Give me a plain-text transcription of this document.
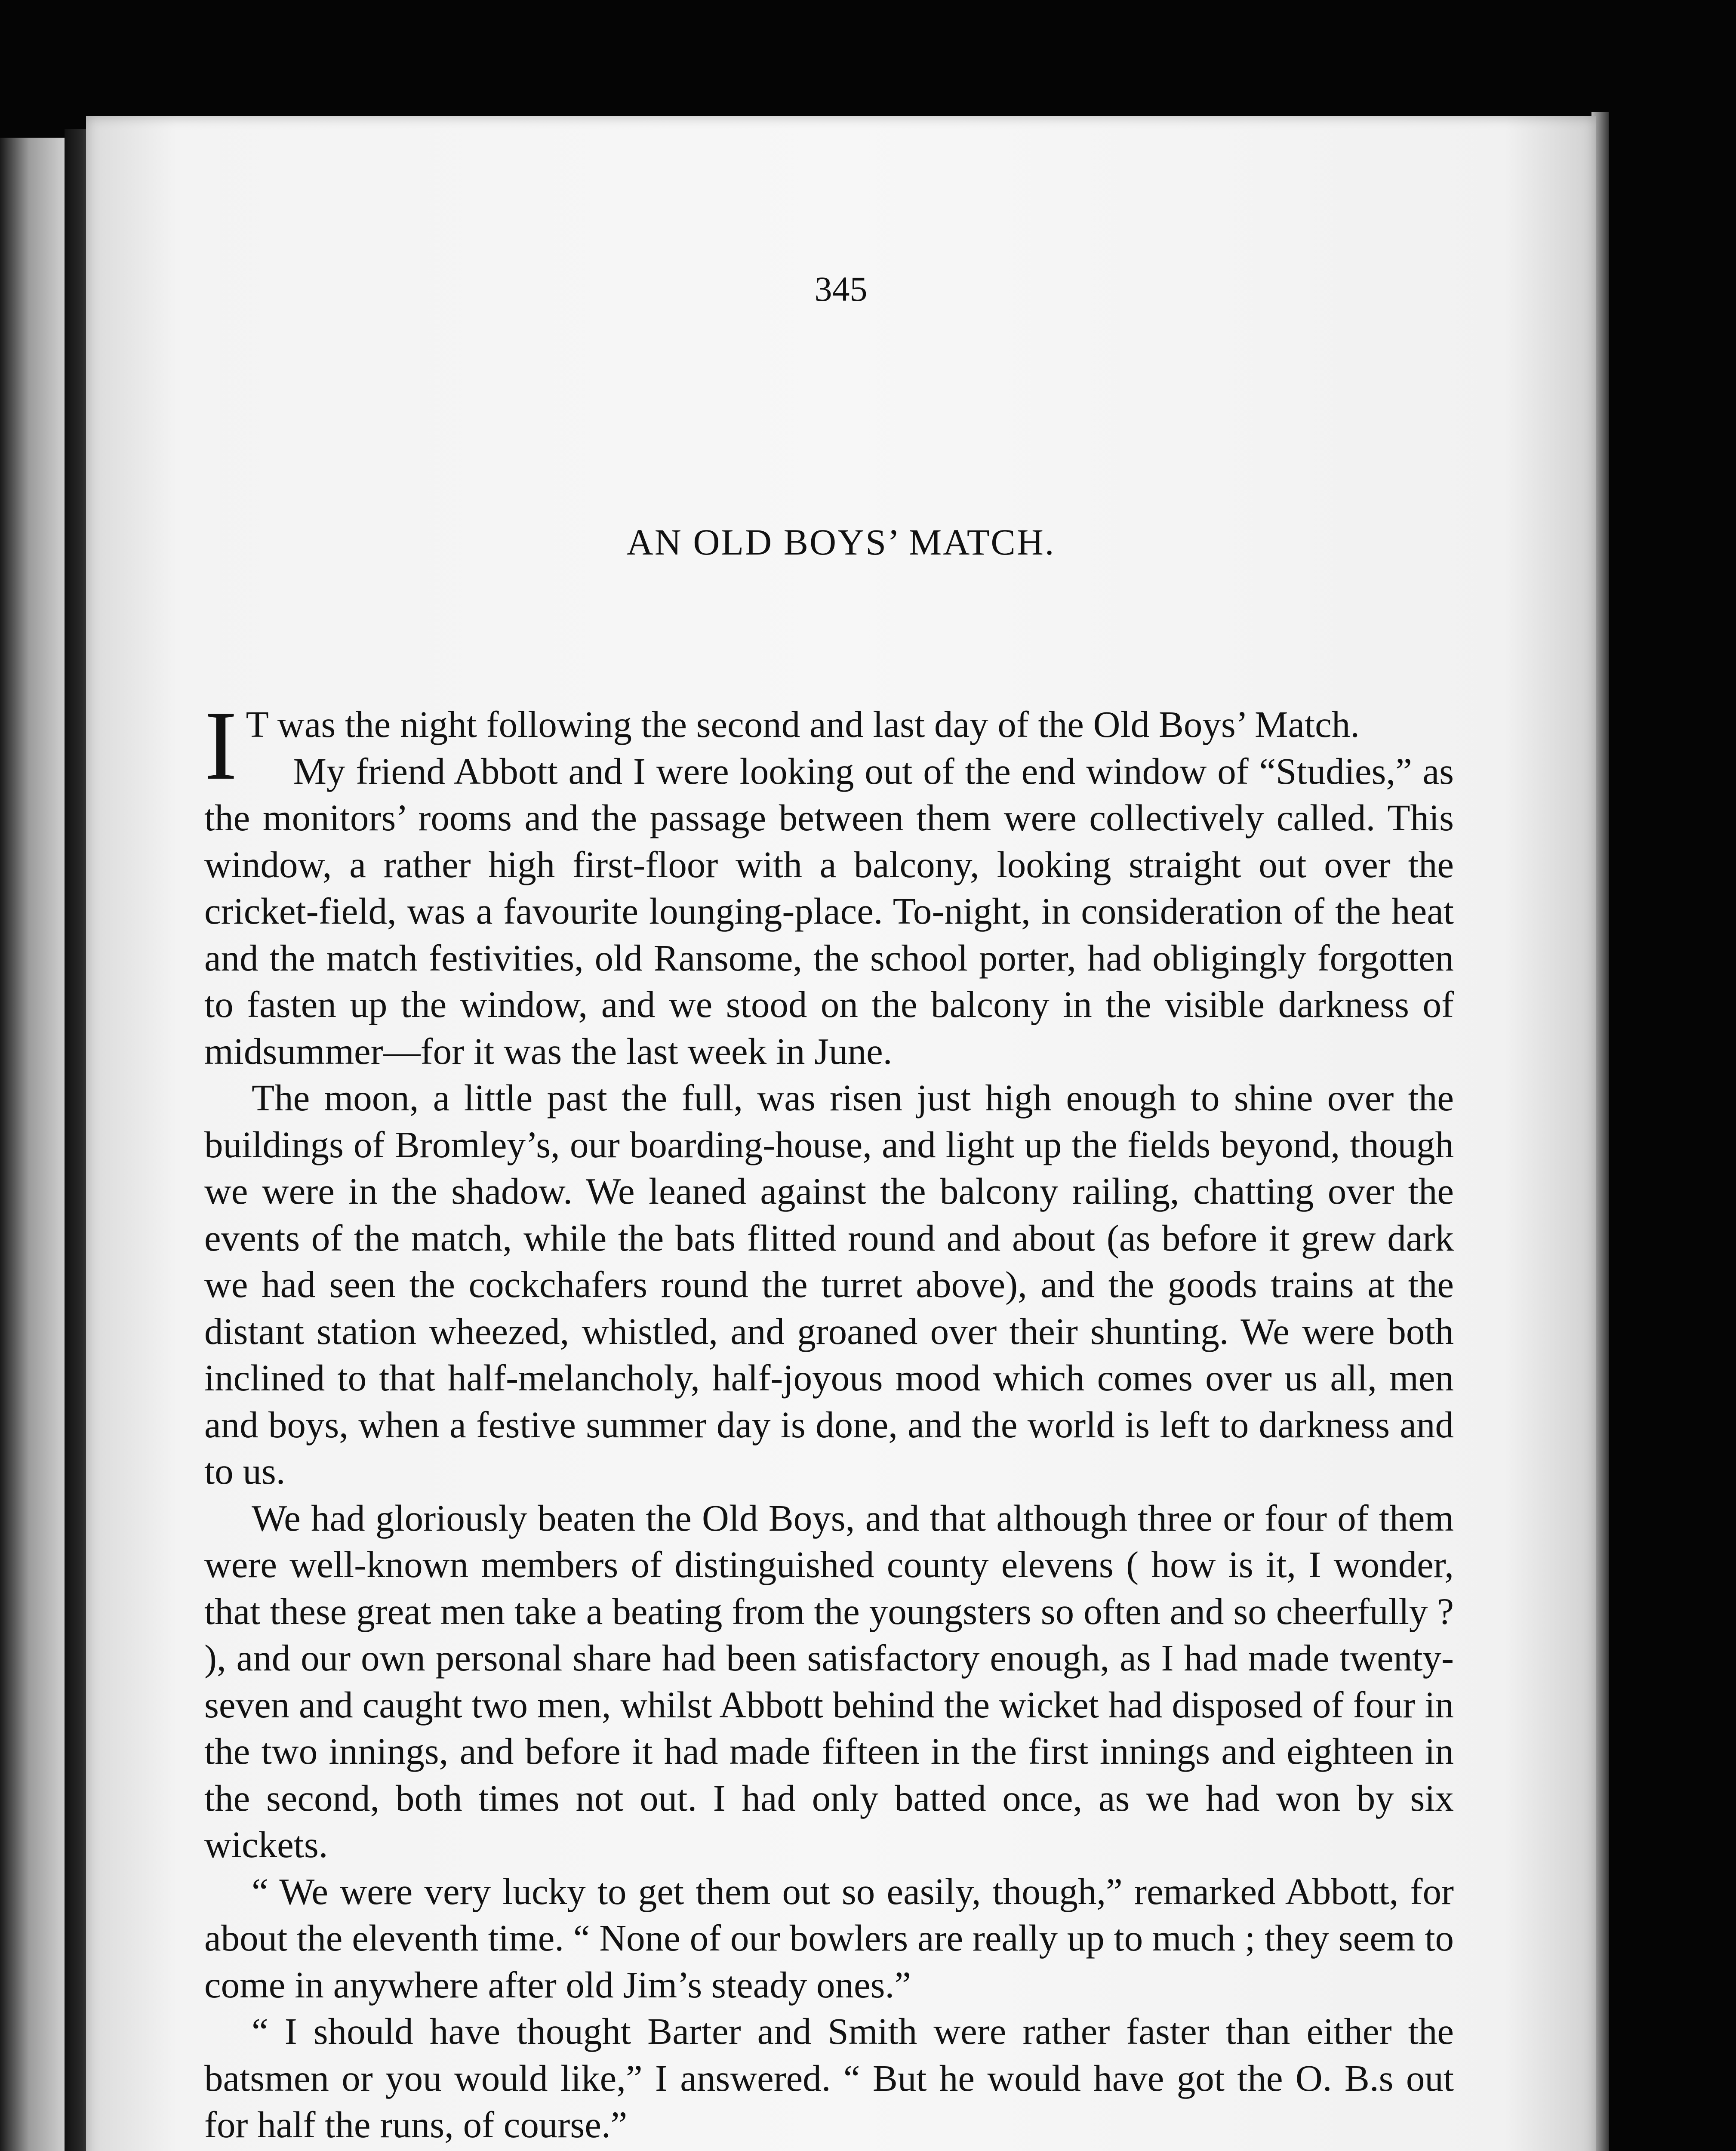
345
AN OLD BOYS’ MATCH.

I T was the night following the second and last day of the Old Boys’ Match.

My friend Abbott and I were looking out of the end window of “Studies,” as the monitors’ rooms and the passage between them were collectively called. This window, a rather high first-floor with a balcony, looking straight out over the cricket-field, was a favourite lounging-place. To-night, in consideration of the heat and the match festivities, old Ransome, the school porter, had obligingly forgotten to fasten up the window, and we stood on the balcony in the visible darkness of midsummer—for it was the last week in June.

The moon, a little past the full, was risen just high enough to shine over the buildings of Bromley’s, our boarding-house, and light up the fields beyond, though we were in the shadow. We leaned against the balcony railing, chatting over the events of the match, while the bats flitted round and about (as before it grew dark we had seen the cockchafers round the turret above), and the goods trains at the distant station wheezed, whistled, and groaned over their shunting. We were both inclined to that half-melancholy, half-joyous mood which comes over us all, men and boys, when a festive summer day is done, and the world is left to darkness and to us.

We had gloriously beaten the Old Boys, and that although three or four of them were well-known members of distinguished county elevens ( how is it, I wonder, that these great men take a beating from the youngsters so often and so cheerfully ? ), and our own personal share had been satisfactory enough, as I had made twenty-seven and caught two men, whilst Abbott behind the wicket had disposed of four in the two innings, and before it had made fifteen in the first innings and eighteen in the second, both times not out. I had only batted once, as we had won by six wickets.

“ We were very lucky to get them out so easily, though,” remarked Abbott, for about the eleventh time. “ None of our bowlers are really up to much ; they seem to come in anywhere after old Jim’s steady ones.”

“ I should have thought Barter and Smith were rather faster than either the batsmen or you would like,” I answered. “ But he would have got the O. B.s out for half the runs, of course.”
